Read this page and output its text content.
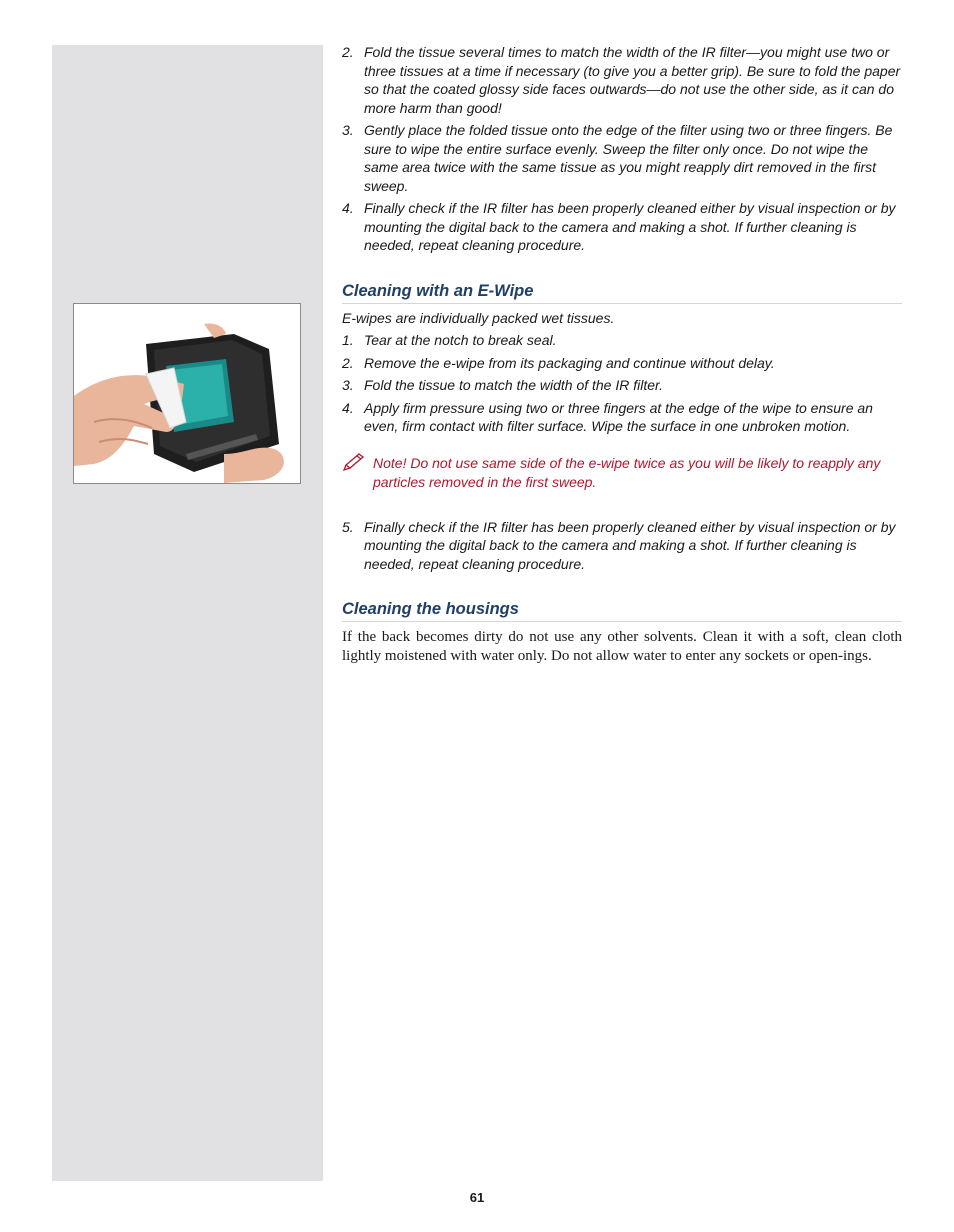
2. Fold the tissue several times to match the width of the IR filter—you might use two or three tissues at a time if necessary (to give you a better grip). Be sure to fold the paper so that the coated glossy side faces outwards—do not use the other side, as it can do more harm than good!
3. Gently place the folded tissue onto the edge of the filter using two or three fingers. Be sure to wipe the entire surface evenly. Sweep the filter only once. Do not wipe the same area twice with the same tissue as you might reapply dirt removed in the first sweep.
4. Finally check if the IR filter has been properly cleaned either by visual inspection or by mounting the digital back to the camera and making a shot. If further cleaning is needed, repeat cleaning procedure.
Cleaning with an E-Wipe
E-wipes are individually packed wet tissues.
1. Tear at the notch to break seal.
2. Remove the e-wipe from its packaging and continue without delay.
3. Fold the tissue to match the width of the IR filter.
4. Apply firm pressure using two or three fingers at the edge of the wipe to ensure an even, firm contact with filter surface. Wipe the surface in one unbroken motion.
Note! Do not use same side of the e-wipe twice as you will be likely to reapply any particles removed in the first sweep.
5. Finally check if the IR filter has been properly cleaned either by visual inspection or by mounting the digital back to the camera and making a shot. If further cleaning is needed, repeat cleaning procedure.
Cleaning the housings
If the back becomes dirty do not use any other solvents. Clean it with a soft, clean cloth lightly moistened with water only. Do not allow water to enter any sockets or open-ings.
61
